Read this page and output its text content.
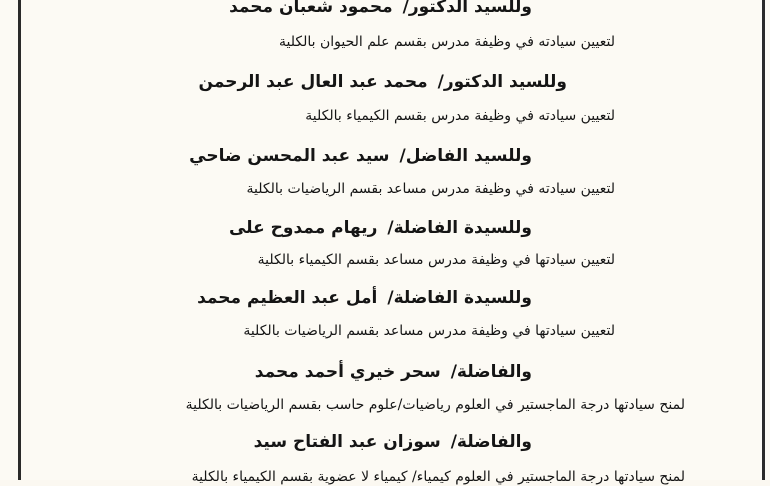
وللسيد الدكتور/محمود شعبان محمد
لتعيين سيادته في وظيفة مدرس بقسم علم الحيوان بالكلية
وللسيد الدكتور/محمد عبد العال عبد الرحمن
لتعيين سيادته في وظيفة مدرس بقسم الكيمياء بالكلية
وللسيد الفاضل/سيد عبد المحسن ضاحي
لتعيين سيادته في وظيفة مدرس مساعد بقسم الرياضيات بالكلية
وللسيدة الفاضلة/ريهام ممدوح على
لتعيين سيادتها في وظيفة مدرس مساعد بقسم الكيمياء بالكلية
وللسيدة الفاضلة/أمل عبد العظيم محمد
لتعيين سيادتها في وظيفة مدرس مساعد بقسم الرياضيات بالكلية
والفاضلة/سحر خيري أحمد محمد
لمنح سيادتها درجة الماجستير في العلوم رياضيات/علوم حاسب بقسم الرياضيات بالكلية
والفاضلة/سوزان عبد الفتاح سيد
لمنح سيادتها درجة الماجستير في العلوم كيمياء/ كيمياء لا عضوية بقسم الكيمياء بالكلية
